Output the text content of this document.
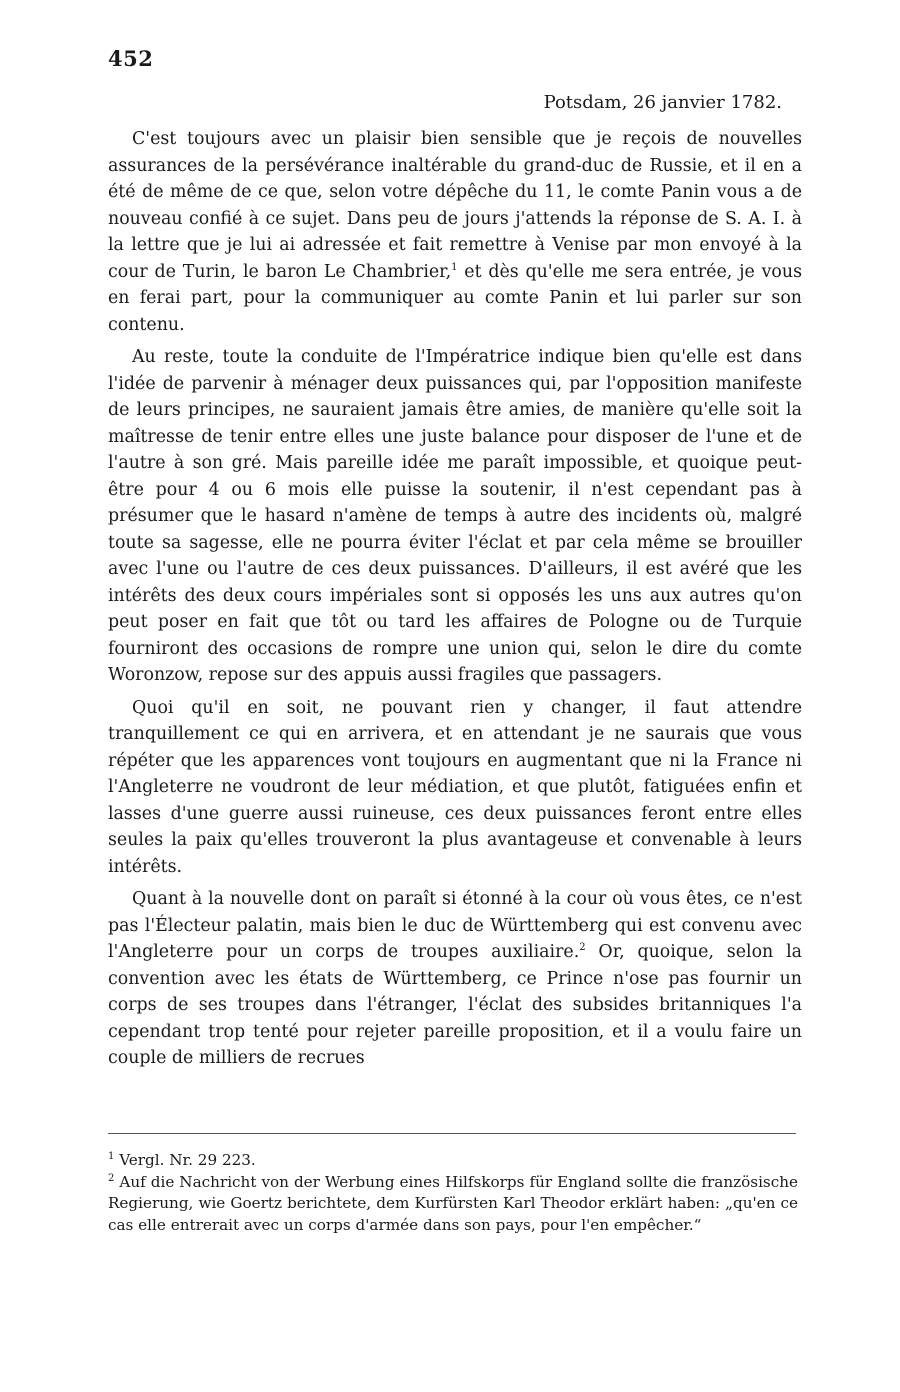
452
Potsdam, 26 janvier 1782.

C'est toujours avec un plaisir bien sensible que je reçois de nouvelles assurances de la persévérance inaltérable du grand-duc de Russie, et il en a été de même de ce que, selon votre dépêche du 11, le comte Panin vous a de nouveau confié à ce sujet. Dans peu de jours j'attends la réponse de S. A. I. à la lettre que je lui ai adressée et fait remettre à Venise par mon envoyé à la cour de Turin, le baron Le Chambrier,$^1$ et dès qu'elle me sera entrée, je vous en ferai part, pour la communiquer au comte Panin et lui parler sur son contenu.

Au reste, toute la conduite de l'Impératrice indique bien qu'elle est dans l'idée de parvenir à ménager deux puissances qui, par l'opposition manifeste de leurs principes, ne sauraient jamais être amies, de manière qu'elle soit la maîtresse de tenir entre elles une juste balance pour disposer de l'une et de l'autre à son gré. Mais pareille idée me paraît impossible, et quoique peut-être pour 4 ou 6 mois elle puisse la soutenir, il n'est cependant pas à présumer que le hasard n'amène de temps à autre des incidents où, malgré toute sa sagesse, elle ne pourra éviter l'éclat et par cela même se brouiller avec l'une ou l'autre de ces deux puissances. D'ailleurs, il est avéré que les intérêts des deux cours impériales sont si opposés les uns aux autres qu'on peut poser en fait que tôt ou tard les affaires de Pologne ou de Turquie fourniront des occasions de rompre une union qui, selon le dire du comte Woronzow, repose sur des appuis aussi fragiles que passagers.

Quoi qu'il en soit, ne pouvant rien y changer, il faut attendre tranquillement ce qui en arrivera, et en attendant je ne saurais que vous répéter que les apparences vont toujours en augmentant que ni la France ni l'Angleterre ne voudront de leur médiation, et que plutôt, fatiguées enfin et lasses d'une guerre aussi ruineuse, ces deux puissances feront entre elles seules la paix qu'elles trouveront la plus avantageuse et convenable à leurs intérêts.

Quant à la nouvelle dont on paraît si étonné à la cour où vous êtes, ce n'est pas l'Électeur palatin, mais bien le duc de Württemberg qui est convenu avec l'Angleterre pour un corps de troupes auxiliaire.$^2$ Or, quoique, selon la convention avec les états de Württemberg, ce Prince n'ose pas fournir un corps de ses troupes dans l'étranger, l'éclat des subsides britanniques l'a cependant trop tenté pour rejeter pareille proposition, et il a voulu faire un couple de milliers de recrues

$^1$ Vergl. Nr. 29 223.

$^2$ Auf die Nachricht von der Werbung eines Hilfskorps für England sollte die französische Regierung, wie Goertz berichtete, dem Kurfürsten Karl Theodor erklärt haben: „qu'en ce cas elle entrerait avec un corps d'armée dans son pays, pour l'en empêcher.“
